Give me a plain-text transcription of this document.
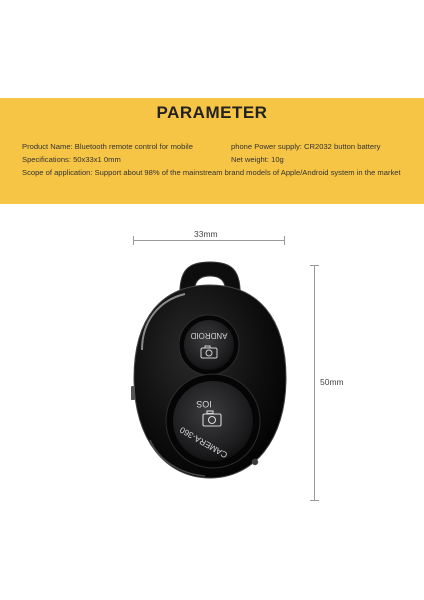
PARAMETER
Product Name: Bluetooth remote control for mobile	phone Power supply: CR2032 button battery
Specifications: 50x33x1 0mm	Net weight: 10g
Scope of application: Support about 98% of the mainstream brand models of Apple/Android system in the market
33mm
50mm
ANDROID
IOS
CAMERA-360
